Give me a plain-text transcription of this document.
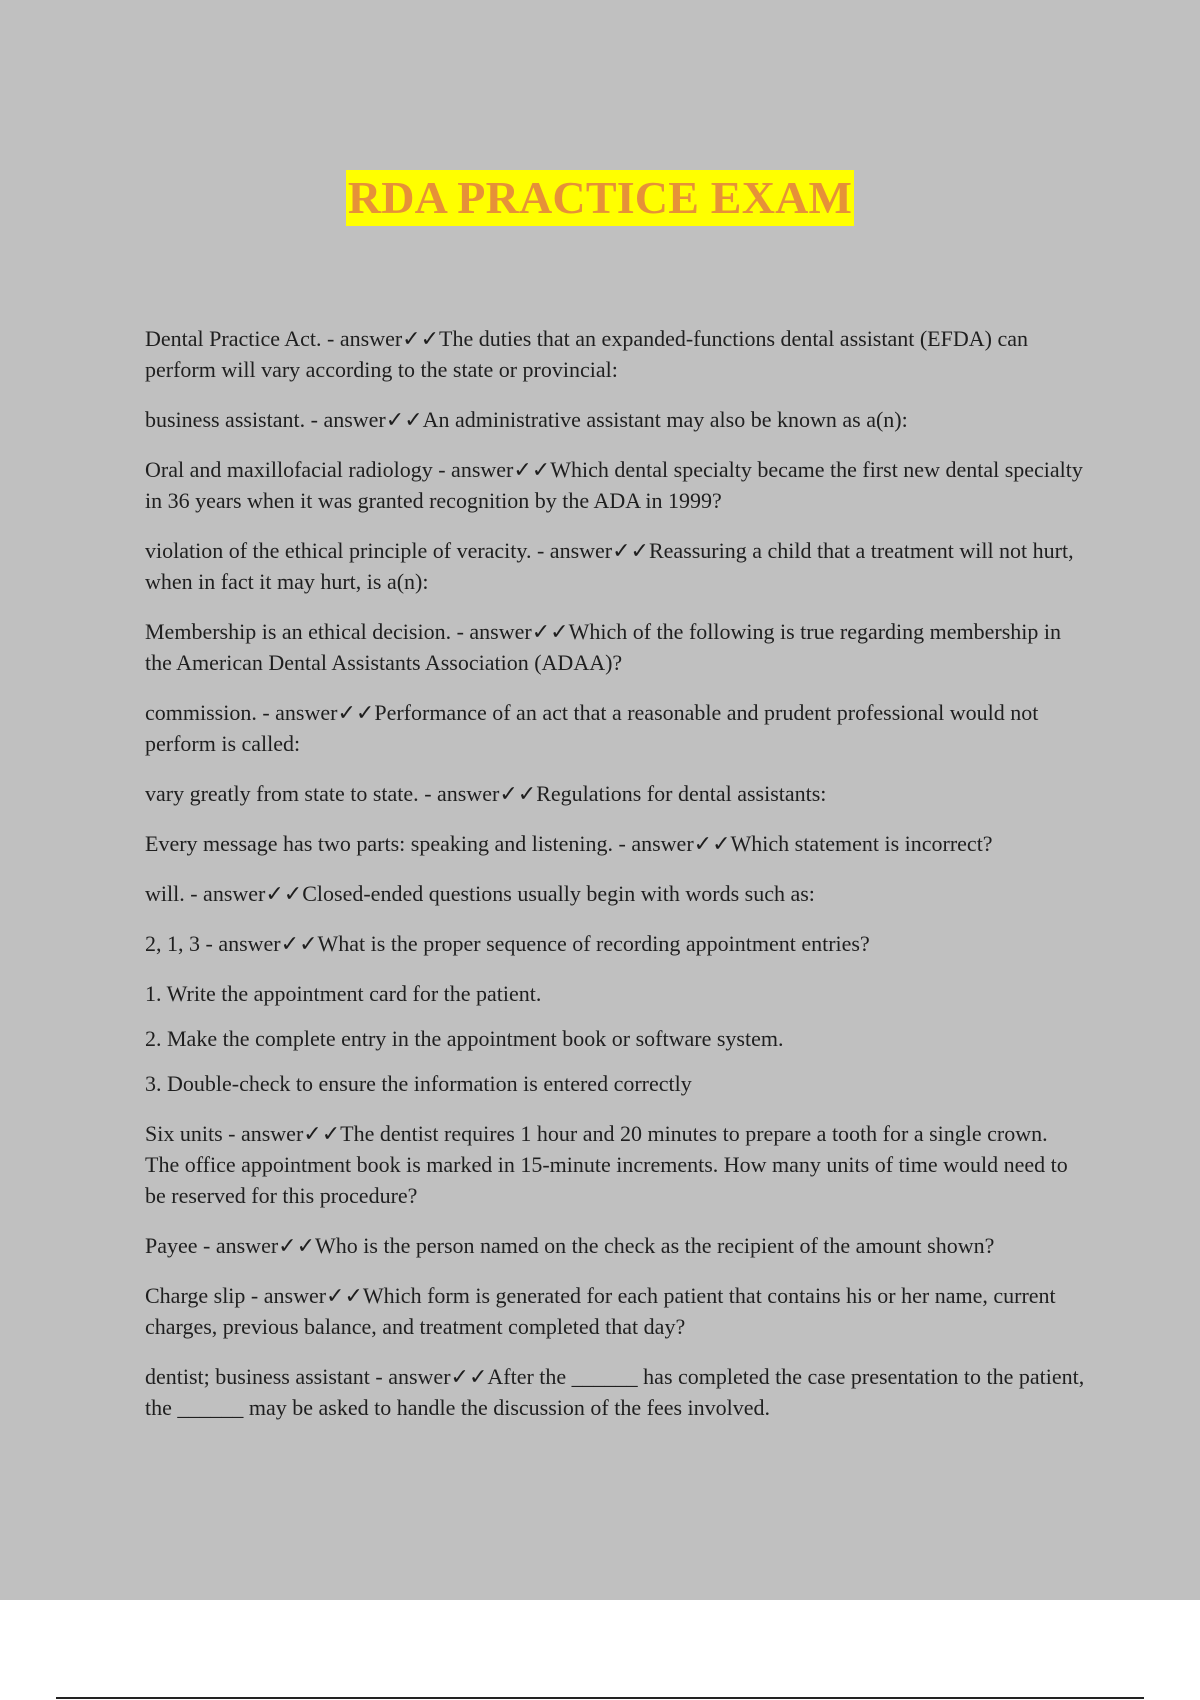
RDA PRACTICE EXAM

Dental Practice Act. - answer✓✓The duties that an expanded-functions dental assistant (EFDA) can perform will vary according to the state or provincial:

business assistant. - answer✓✓An administrative assistant may also be known as a(n):

Oral and maxillofacial radiology - answer✓✓Which dental specialty became the first new dental specialty in 36 years when it was granted recognition by the ADA in 1999?

violation of the ethical principle of veracity. - answer✓✓Reassuring a child that a treatment will not hurt, when in fact it may hurt, is a(n):

Membership is an ethical decision. - answer✓✓Which of the following is true regarding membership in the American Dental Assistants Association (ADAA)?

commission. - answer✓✓Performance of an act that a reasonable and prudent professional would not perform is called:

vary greatly from state to state. - answer✓✓Regulations for dental assistants:

Every message has two parts: speaking and listening. - answer✓✓Which statement is incorrect?

will. - answer✓✓Closed-ended questions usually begin with words such as:

2, 1, 3 - answer✓✓What is the proper sequence of recording appointment entries?

1. Write the appointment card for the patient.

2. Make the complete entry in the appointment book or software system.

3. Double-check to ensure the information is entered correctly

Six units - answer✓✓The dentist requires 1 hour and 20 minutes to prepare a tooth for a single crown. The office appointment book is marked in 15-minute increments. How many units of time would need to be reserved for this procedure?

Payee - answer✓✓Who is the person named on the check as the recipient of the amount shown?

Charge slip - answer✓✓Which form is generated for each patient that contains his or her name, current charges, previous balance, and treatment completed that day?

dentist; business assistant - answer✓✓After the ______ has completed the case presentation to the patient, the ______ may be asked to handle the discussion of the fees involved.
